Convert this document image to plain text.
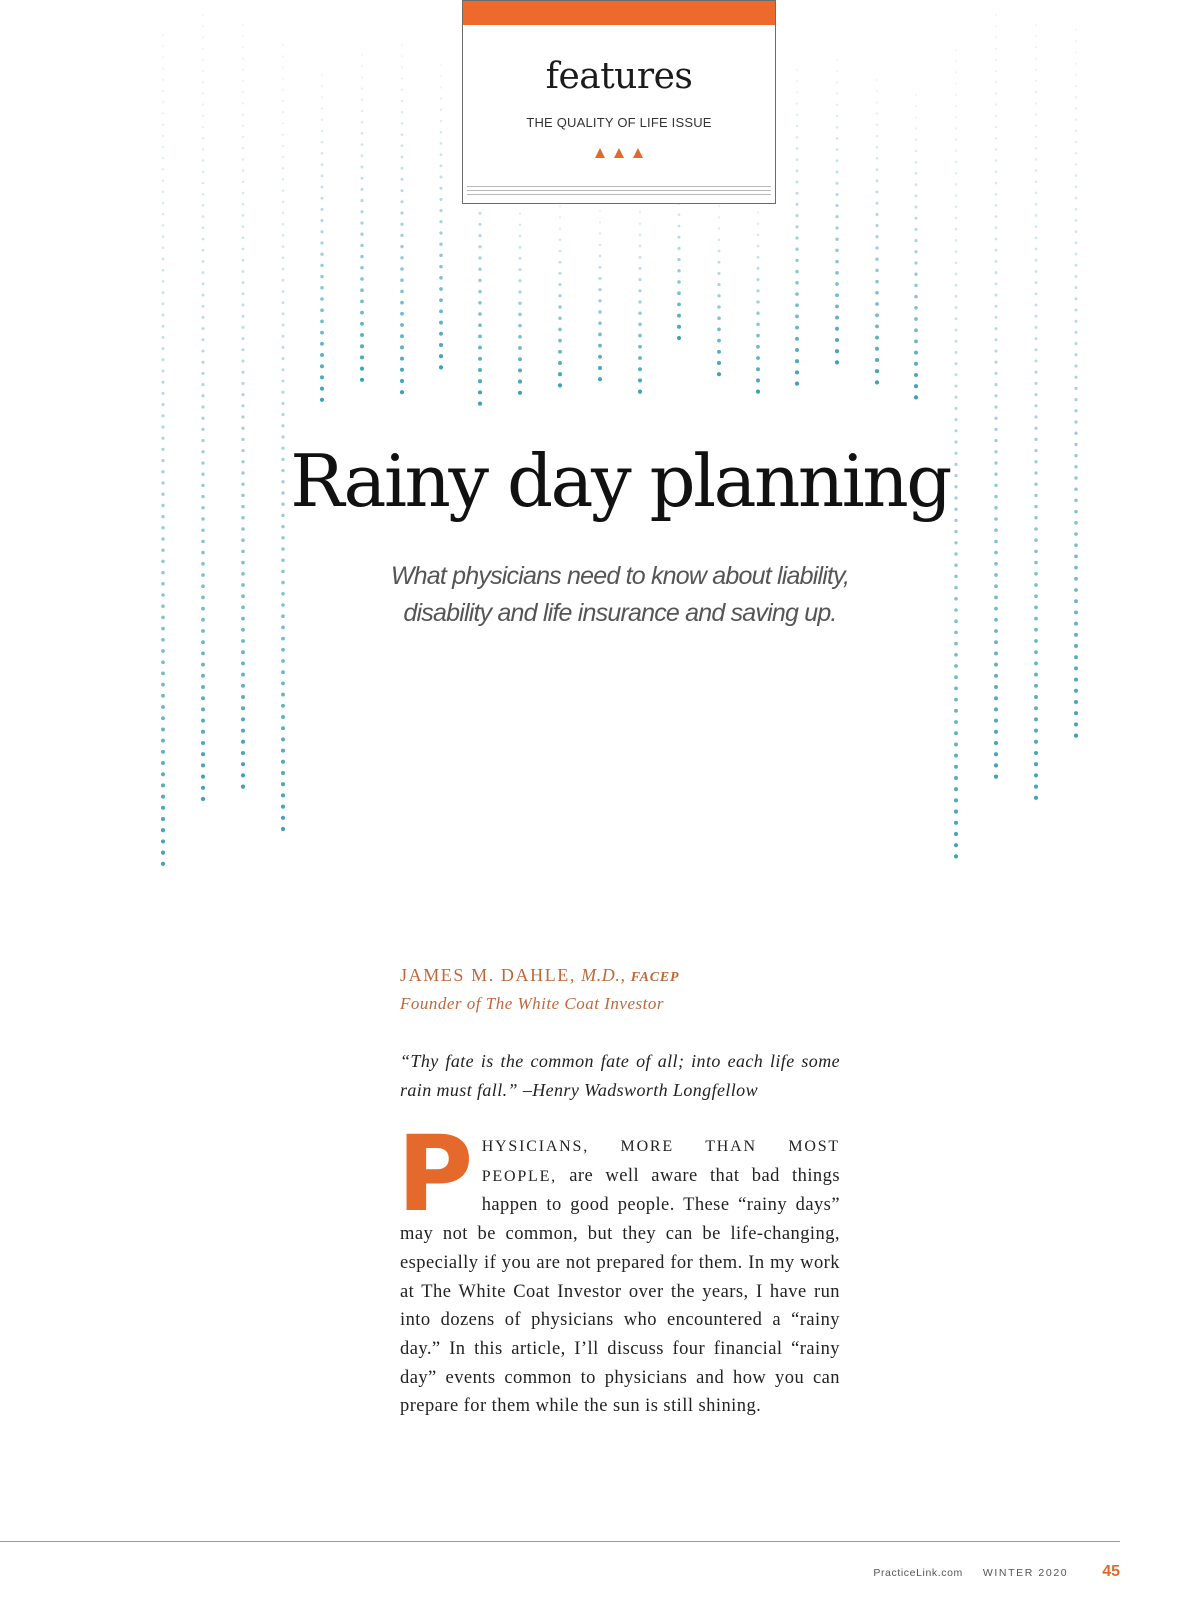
features
THE QUALITY OF LIFE ISSUE
Rainy day planning
What physicians need to know about liability,
disability and life insurance and saving up.
JAMES M. DAHLE, M.D., FACEP
Founder of The White Coat Investor
“Thy fate is the common fate of all; into each life some rain must fall.” –Henry Wadsworth Longfellow
PHYSICIANS, MORE THAN MOST PEOPLE, are well aware that bad things happen to good people. These “rainy days” may not be common, but they can be life-changing, especially if you are not prepared for them. In my work at The White Coat Investor over the years, I have run into dozens of physicians who encountered a “rainy day.” In this article, I’ll discuss four financial “rainy day” events common to physicians and how you can prepare for them while the sun is still shining.
PracticeLink.com WINTER 2020 45
